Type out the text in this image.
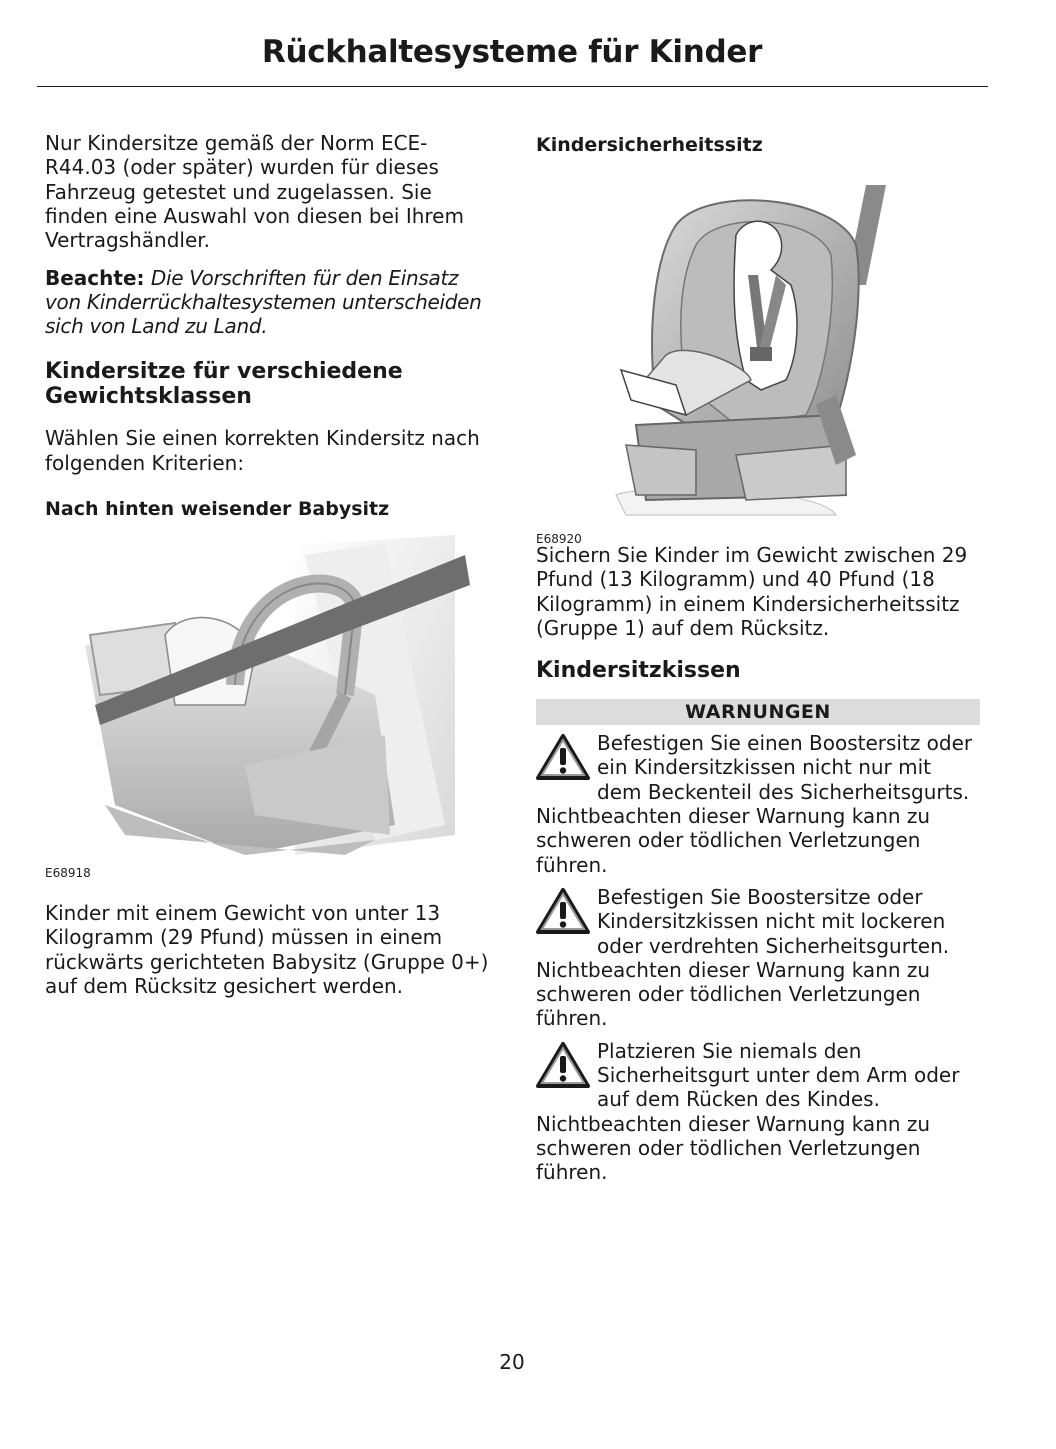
Rückhaltesysteme für Kinder

Nur Kindersitze gemäß der Norm ECE-R44.03 (oder später) wurden für dieses Fahrzeug getestet und zugelassen. Sie finden eine Auswahl von diesen bei Ihrem Vertragshändler.

Beachte: Die Vorschriften für den Einsatz von Kinderrückhaltesystemen unterscheiden sich von Land zu Land.

Kindersitze für verschiedene Gewichtsklassen

Wählen Sie einen korrekten Kindersitz nach folgenden Kriterien:

Nach hinten weisender Babysitz

E68918

Kinder mit einem Gewicht von unter 13 Kilogramm (29 Pfund) müssen in einem rückwärts gerichteten Babysitz (Gruppe 0+) auf dem Rücksitz gesichert werden.

Kindersicherheitssitz

E68920

Sichern Sie Kinder im Gewicht zwischen 29 Pfund (13 Kilogramm) und 40 Pfund (18 Kilogramm) in einem Kindersicherheitssitz (Gruppe 1) auf dem Rücksitz.

Kindersitzkissen

WARNUNGEN
Befestigen Sie einen Boostersitz oder
ein Kindersitzkissen nicht nur mit
dem Beckenteil des Sicherheitsgurts.
Nichtbeachten dieser Warnung kann zu schweren oder tödlichen Verletzungen führen.
Befestigen Sie Boostersitze oder
Kindersitzkissen nicht mit lockeren
oder verdrehten Sicherheitsgurten.
Nichtbeachten dieser Warnung kann zu schweren oder tödlichen Verletzungen führen.
Platzieren Sie niemals den
Sicherheitsgurt unter dem Arm oder
auf dem Rücken des Kindes.
Nichtbeachten dieser Warnung kann zu schweren oder tödlichen Verletzungen führen.
20
